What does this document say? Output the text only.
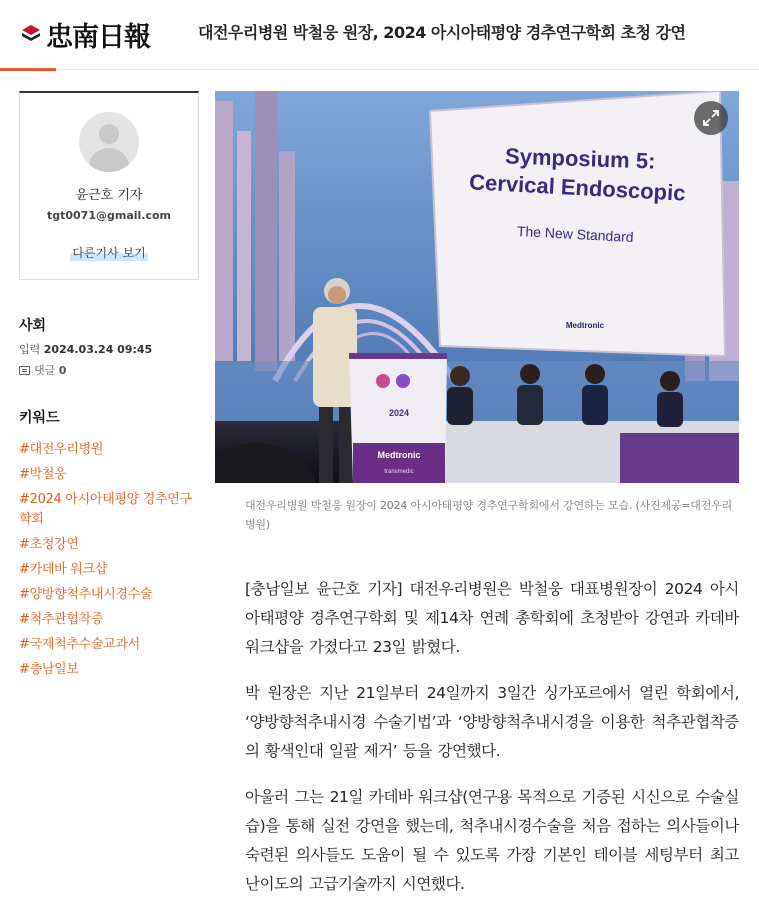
忠南日報	대전우리병원 박철웅 원장, 2024 아시아태평양 경추연구학회 초청 강연
윤근호 기자
tgt0071@gmail.com
다른기사 보기
사회
입력 2024.03.24 09:45
댓글
0
키워드
#대전우리병원
#박철웅
#2024 아시아태평양 경추연구학회
#초청강연
#카데바 워크샵
#양방향척추내시경수술
#척추관협착증
#국제척추수술교과서
#충남일보
Symposium 5:
Cervical Endoscopic
The New Standard
Medtronic
transmedic
2024
Medtronic
transmedic
대전우리병원 박철웅 원장이 2024 아시아태평양 경추연구학회에서 강연하는 모습. (사진제공=대전우리병원)

[충남일보 윤근호 기자] 대전우리병원은 박철웅 대표병원장이 2024 아시아태평양 경추연구학회 및 제14차 연례 총학회에 초청받아 강연과 카데바 워크샵을 가졌다고 23일 밝혔다.

박 원장은 지난 21일부터 24일까지 3일간 싱가포르에서 열린 학회에서, ‘양방향척추내시경 수술기법’과 ‘양방향척추내시경을 이용한 척추관협착증의 황색인대 일괄 제거’ 등을 강연했다.

아울러 그는 21일 카데바 워크샵(연구용 목적으로 기증된 시신으로 수술실습)을 통해 실전 강연을 했는데, 척추내시경수술을 처음 접하는 의사들이나 숙련된 의사들도 도움이 될 수 있도록 가장 기본인 테이블 세팅부터 최고 난이도의 고급기술까지 시연했다.
